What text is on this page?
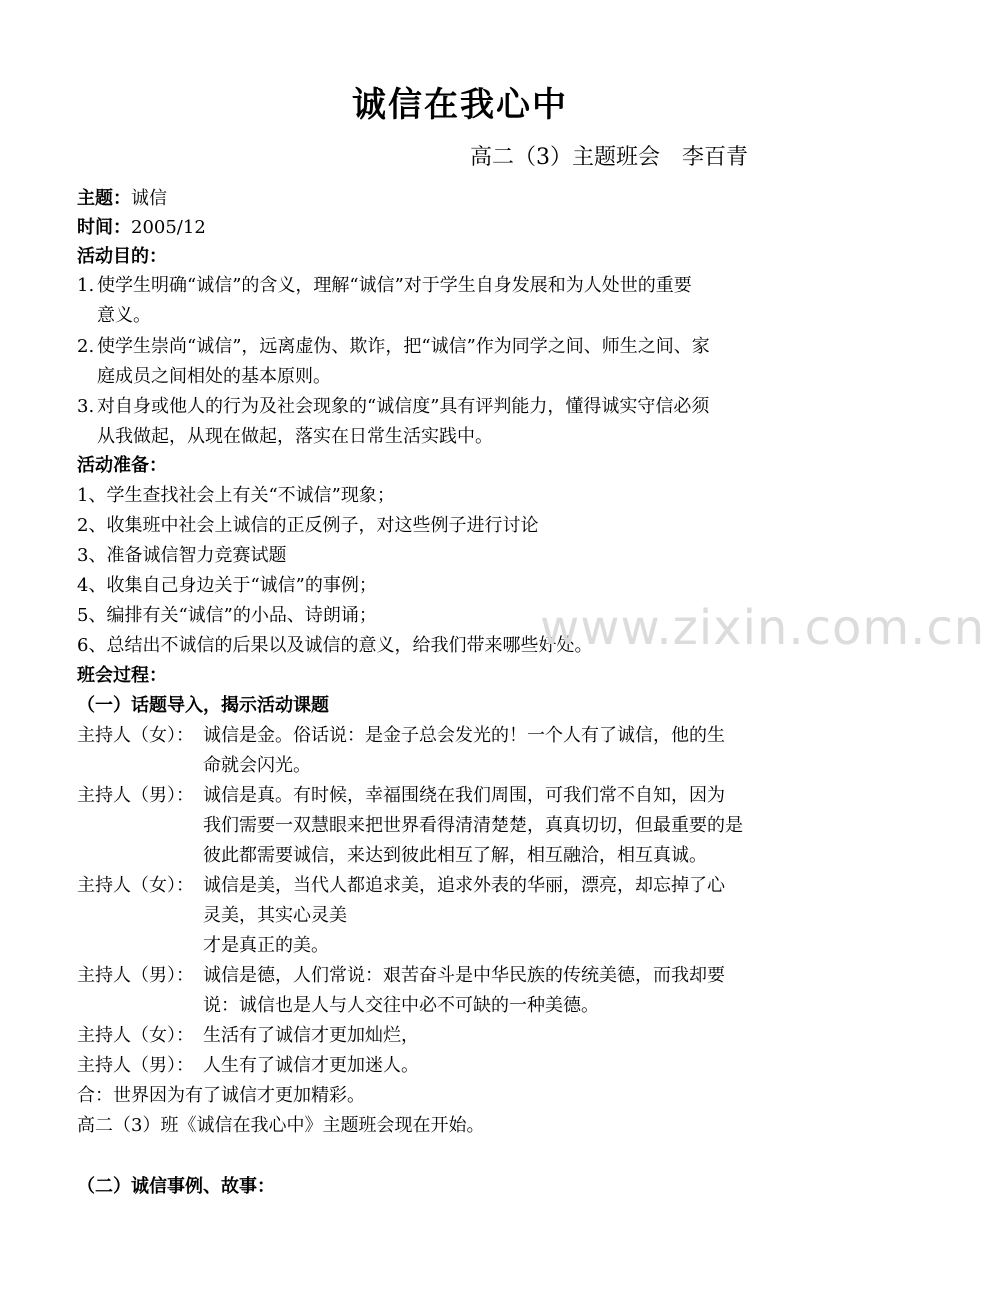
诚信在我心中
高二（3）主题班会　李百青
主题：诚信
时间：2005/12
活动目的：
1. 使学生明确“诚信”的含义，理解“诚信”对于学生自身发展和为人处世的重要
意义。
2. 使学生崇尚“诚信”，远离虚伪、欺诈，把“诚信”作为同学之间、师生之间、家
庭成员之间相处的基本原则。
3. 对自身或他人的行为及社会现象的“诚信度”具有评判能力，懂得诚实守信必须
从我做起，从现在做起，落实在日常生活实践中。
活动准备：
1、学生查找社会上有关“不诚信”现象；
2、收集班中社会上诚信的正反例子，对这些例子进行讨论
3、准备诚信智力竞赛试题
4、收集自己身边关于“诚信”的事例；
5、编排有关“诚信”的小品、诗朗诵；
6、总结出不诚信的后果以及诚信的意义，给我们带来哪些好处。
班会过程：
（一）话题导入，揭示活动课题
主持人（女）： 诚信是金。俗话说：是金子总会发光的！一个人有了诚信，他的生
命就会闪光。
主持人（男）： 诚信是真。有时候，幸福围绕在我们周围，可我们常不自知，因为
我们需要一双慧眼来把世界看得清清楚楚，真真切切，但最重要的是
彼此都需要诚信，来达到彼此相互了解，相互融洽，相互真诚。
主持人（女）： 诚信是美，当代人都追求美，追求外表的华丽，漂亮，却忘掉了心
灵美，其实心灵美
才是真正的美。
主持人（男）： 诚信是德，人们常说：艰苦奋斗是中华民族的传统美德，而我却要
说：诚信也是人与人交往中必不可缺的一种美德。
主持人（女）： 生活有了诚信才更加灿烂，
主持人（男）： 人生有了诚信才更加迷人。
合：世界因为有了诚信才更加精彩。
高二（3）班《诚信在我心中》主题班会现在开始。
（二）诚信事例、故事：
www.zixin.com.cn
